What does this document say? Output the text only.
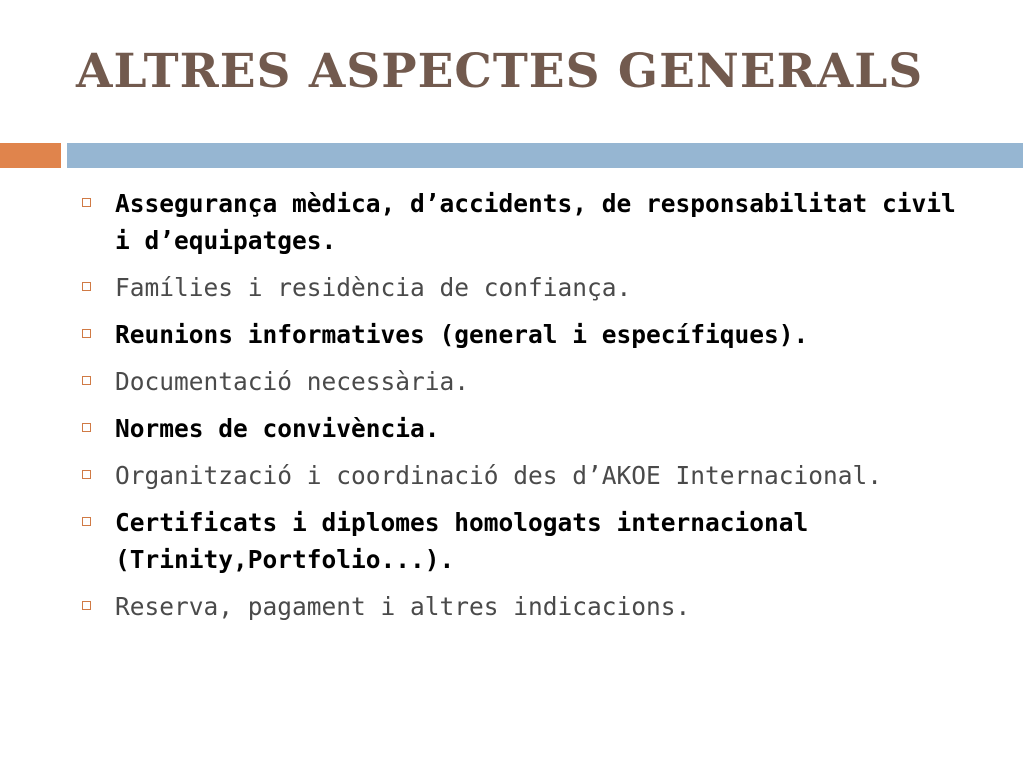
ALTRES ASPECTES GENERALS
Assegurança mèdica, d’accidents, de responsabilitat civil i d’equipatges.
Famílies i residència de confiança.
Reunions informatives (general i específiques).
Documentació necessària.
Normes de convivència.
Organització i coordinació des d’AKOE Internacional.
Certificats i diplomes homologats internacional (Trinity,Portfolio...).
Reserva, pagament i altres indicacions.
